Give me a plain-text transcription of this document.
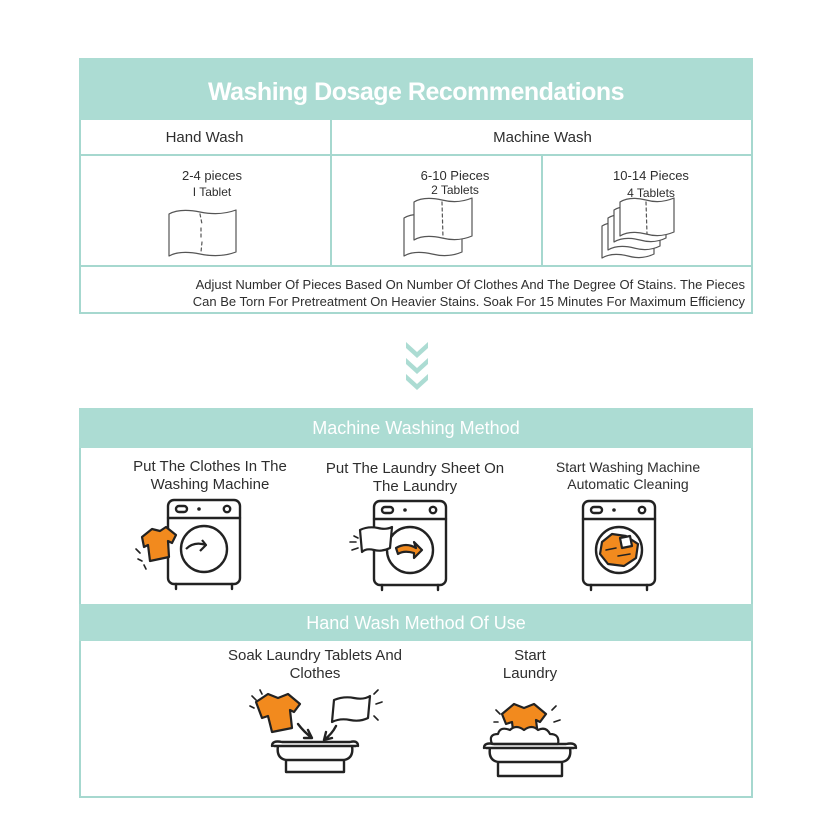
Washing Dosage Recommendations
Hand Wash	Machine Wash
2-4 pieces
I Tablet
6-10 Pieces
2 Tablets
10-14 Pieces
4 Tablets
Adjust Number Of Pieces Based On Number Of Clothes And The Degree Of Stains. The Pieces
Can Be Torn For Pretreatment On Heavier Stains. Soak For 15 Minutes For Maximum Efficiency
Machine Washing Method
Put The Clothes In The
Washing Machine
Put The Laundry Sheet On
The Laundry
Start Washing Machine
Automatic Cleaning
Hand Wash Method Of Use
Soak Laundry Tablets And
Clothes
Start
Laundry
